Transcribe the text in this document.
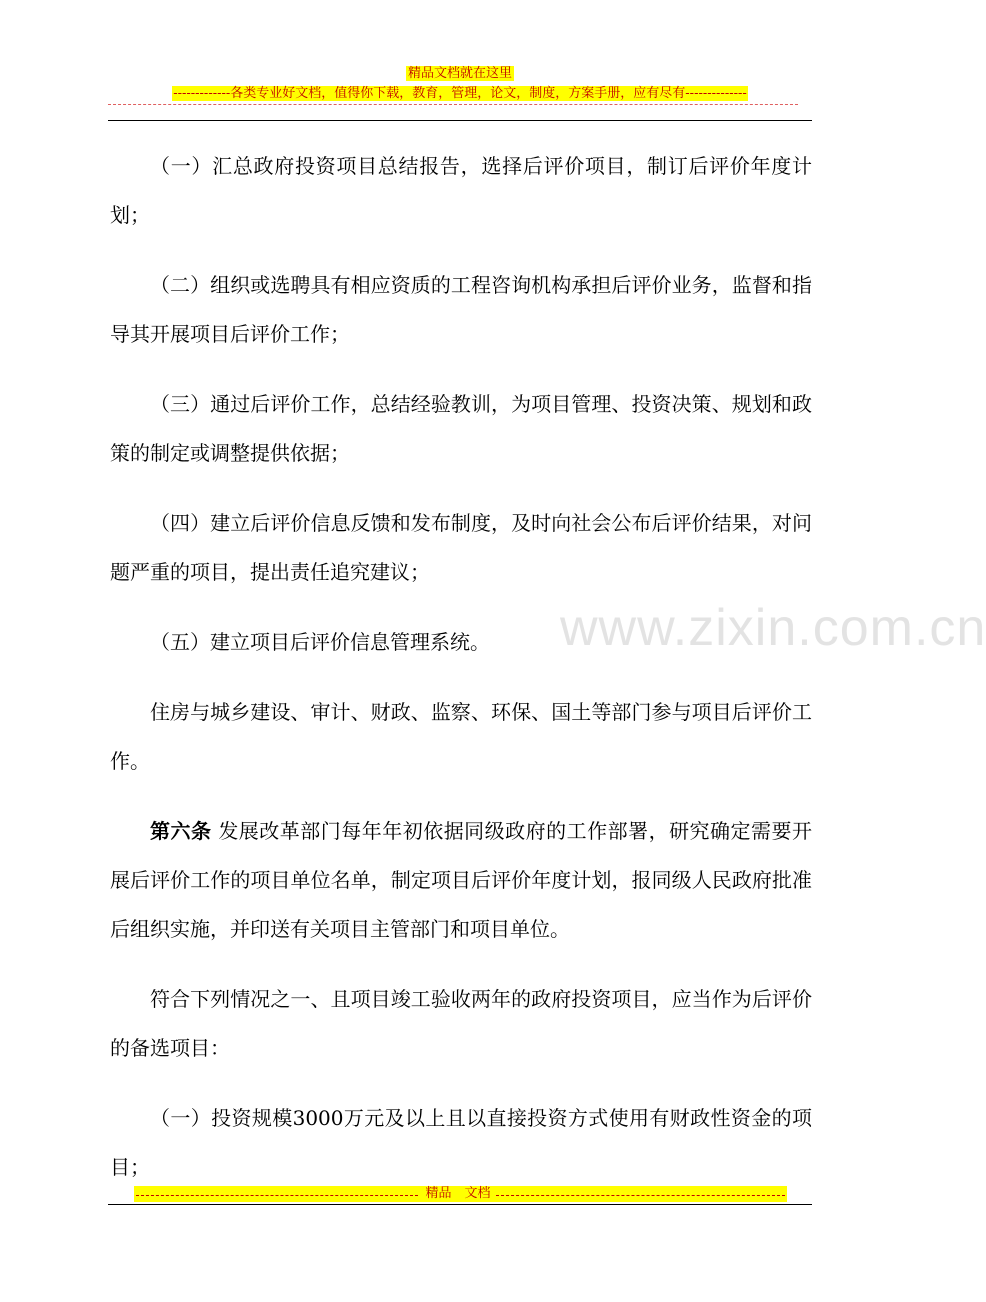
精品文档就在这里
-------------各类专业好文档，值得你下载，教育，管理，论文，制度，方案手册，应有尽有--------------

（一）汇总政府投资项目总结报告，选择后评价项目，制订后评价年度计划；

（二）组织或选聘具有相应资质的工程咨询机构承担后评价业务，监督和指导其开展项目后评价工作；

（三）通过后评价工作，总结经验教训，为项目管理、投资决策、规划和政策的制定或调整提供依据；

（四）建立后评价信息反馈和发布制度，及时向社会公布后评价结果，对问题严重的项目，提出责任追究建议；

（五）建立项目后评价信息管理系统。

住房与城乡建设、审计、财政、监察、环保、国土等部门参与项目后评价工作。

第六条 发展改革部门每年年初依据同级政府的工作部署，研究确定需要开展后评价工作的项目单位名单，制定项目后评价年度计划，报同级人民政府批准后组织实施，并印送有关项目主管部门和项目单位。

符合下列情况之一、且项目竣工验收两年的政府投资项目，应当作为后评价的备选项目：

（一）投资规模3000万元及以上且以直接投资方式使用有财政性资金的项目；

www.zixin.com.cn
精品　文档
